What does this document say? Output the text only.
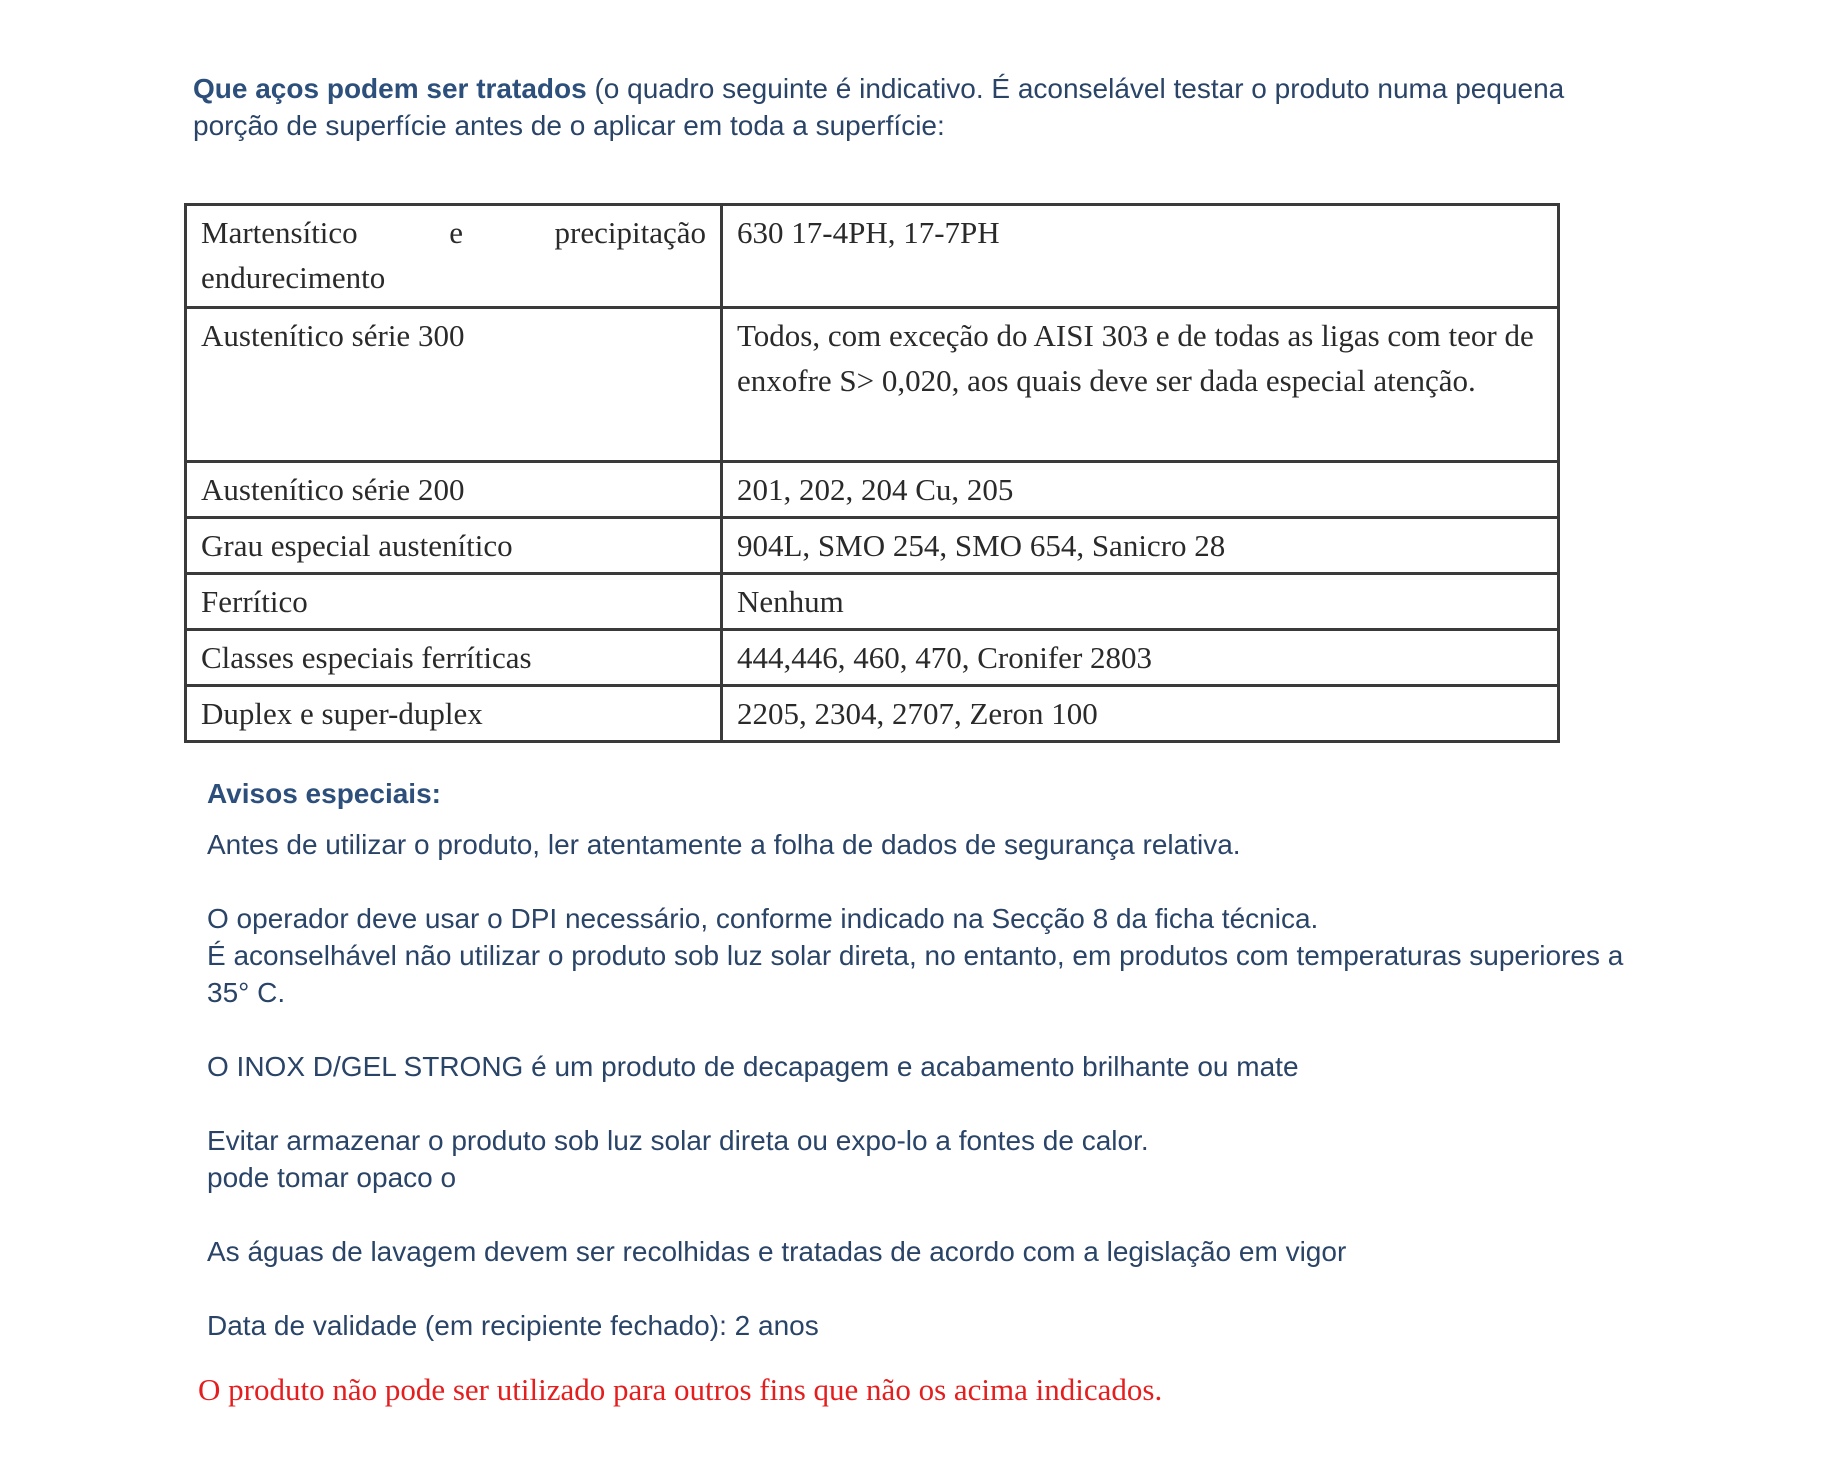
Que aços podem ser tratados (o quadro seguinte é indicativo. É aconselável testar o produto numa pequena porção de superfície antes de o aplicar em toda a superfície:
Martensítico e precipitação endurecimento	630 17-4PH, 17-7PH
Austenítico série 300	Todos, com exceção do AISI 303 e de todas as ligas com teor de enxofre S> 0,020, aos quais deve ser dada especial atenção.
Austenítico série 200	201, 202, 204 Cu, 205
Grau especial austenítico	904L, SMO 254, SMO 654, Sanicro 28
Ferrítico	Nenhum
Classes especiais ferríticas	444,446, 460, 470, Cronifer 2803
Duplex e super-duplex	2205, 2304, 2707, Zeron 100
Avisos especiais:

Antes de utilizar o produto, ler atentamente a folha de dados de segurança relativa.

O operador deve usar o DPI necessário, conforme indicado na Secção 8 da ficha técnica.
É aconselhável não utilizar o produto sob luz solar direta, no entanto, em produtos com temperaturas superiores a 35° C.

O INOX D/GEL STRONG é um produto de decapagem e acabamento brilhante ou mate

Evitar armazenar o produto sob luz solar direta ou expo-lo a fontes de calor.
pode tomar opaco o

As águas de lavagem devem ser recolhidas e tratadas de acordo com a legislação em vigor

Data de validade (em recipiente fechado): 2 anos

O produto não pode ser utilizado para outros fins que não os acima indicados.
